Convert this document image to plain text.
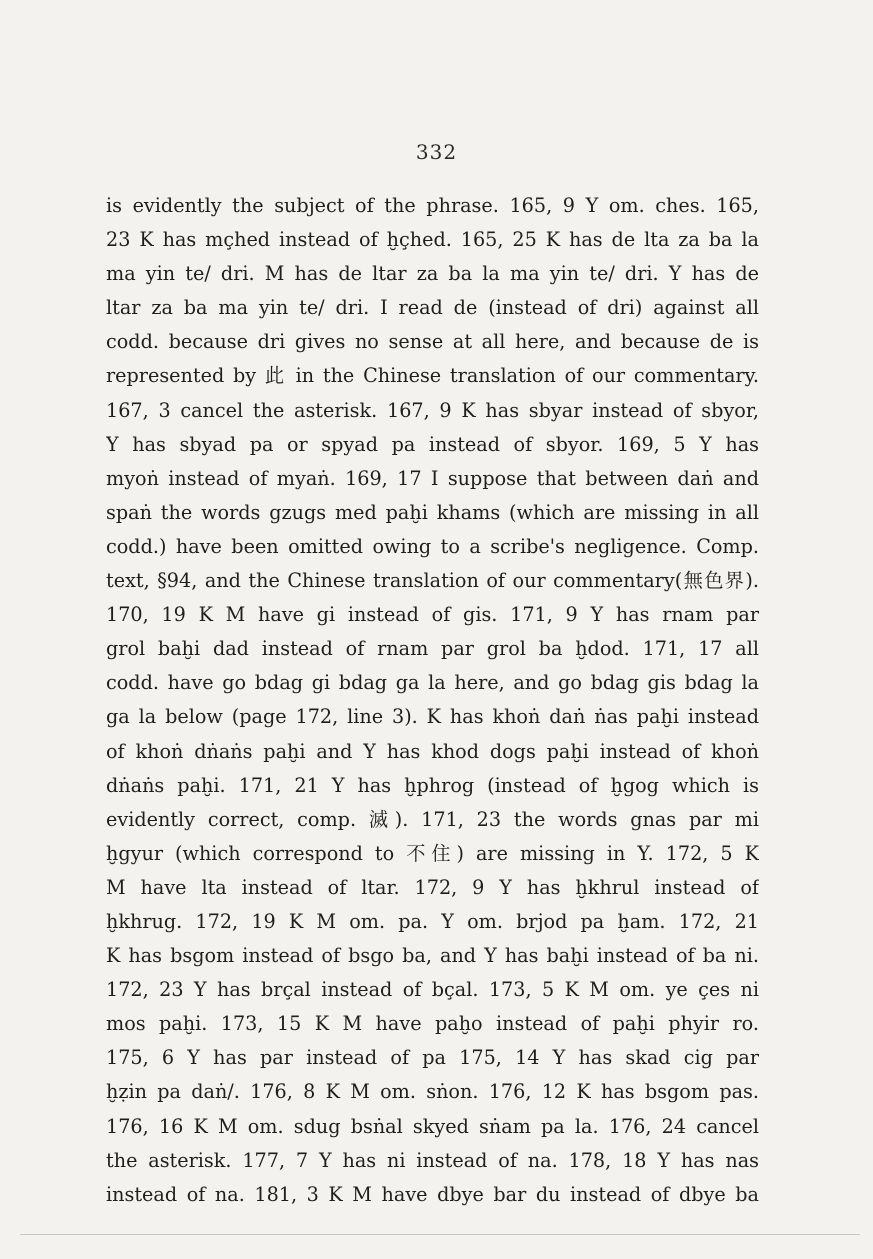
332
is evidently the subject of the phrase. 165, 9 Y om. ches. 165,
23 K has mçhed instead of ḫçhed. 165, 25 K has de lta za ba la
ma yin te/ dri. M has de ltar za ba la ma yin te/ dri. Y has de
ltar za ba ma yin te/ dri. I read de (instead of dri) against all
codd. because dri gives no sense at all here, and because de is
represented by 此 in the Chinese translation of our commentary.
167, 3 cancel the asterisk. 167, 9 K has sbyar instead of sbyor,
Y has sbyad pa or spyad pa instead of sbyor. 169, 5 Y has
myoṅ instead of myaṅ. 169, 17 I suppose that between daṅ and
spaṅ the words gzugs med paḫi khams (which are missing in all
codd.) have been omitted owing to a scribe's negligence. Comp.
text, §94, and the Chinese translation of our commentary(無色界).
170, 19 K M have gi instead of gis. 171, 9 Y has rnam par
grol baḫi dad instead of rnam par grol ba ḫdod. 171, 17 all
codd. have go bdag gi bdag ga la here, and go bdag gis bdag la
ga la below (page 172, line 3). K has khoṅ daṅ ṅas paḫi instead
of khoṅ dṅaṅs paḫi and Y has khod dogs paḫi instead of khoṅ
dṅaṅs paḫi. 171, 21 Y has ḫphrog (instead of ḫgog which is
evidently correct, comp. 滅). 171, 23 the words gnas par mi
ḫgyur (which correspond to 不住) are missing in Y. 172, 5 K
M have lta instead of ltar. 172, 9 Y has ḫkhrul instead of
ḫkhrug. 172, 19 K M om. pa. Y om. brjod pa ḫam. 172, 21
K has bsgom instead of bsgo ba, and Y has baḫi instead of ba ni.
172, 23 Y has brçal instead of bçal. 173, 5 K M om. ye çes ni
mos paḫi. 173, 15 K M have paḫo instead of paḫi phyir ro.
175, 6 Y has par instead of pa 175, 14 Y has skad cig par
ḫẓin pa daṅ/. 176, 8 K M om. sṅon. 176, 12 K has bsgom pas.
176, 16 K M om. sdug bsṅal skyed sṅam pa la. 176, 24 cancel
the asterisk. 177, 7 Y has ni instead of na. 178, 18 Y has nas
instead of na. 181, 3 K M have dbye bar du instead of dbye ba
